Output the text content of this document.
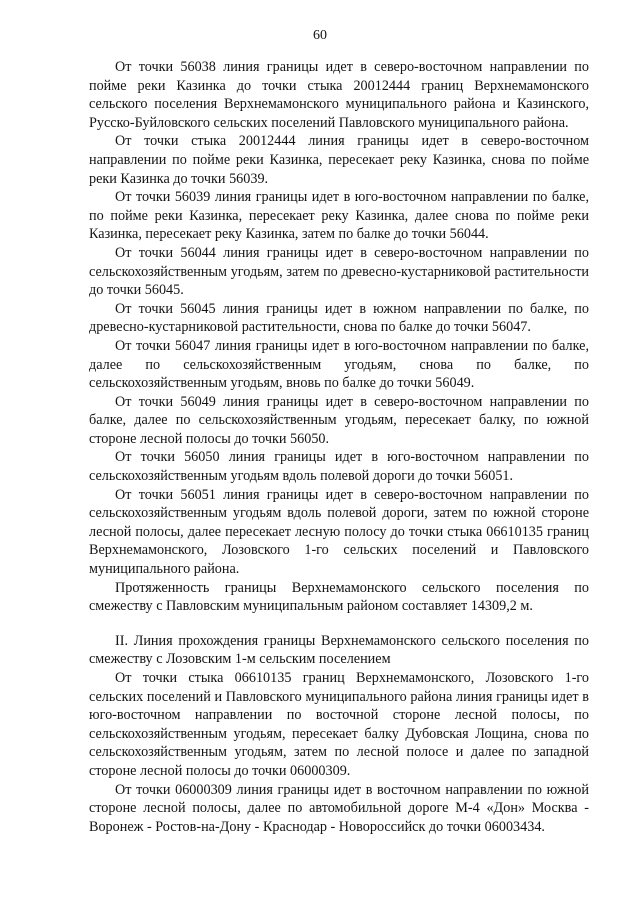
60

От точки 56038 линия границы идет в северо-восточном направлении по пойме реки Казинка до точки стыка 20012444 границ Верхнемамонского сельского поселения Верхнемамонского муниципального района и Казинского, Русско-Буйловского сельских поселений Павловского муниципального района.

От точки стыка 20012444 линия границы идет в северо-восточном направлении по пойме реки Казинка, пересекает реку Казинка, снова по пойме реки Казинка до точки 56039.

От точки 56039 линия границы идет в юго-восточном направлении по балке, по пойме реки Казинка, пересекает реку Казинка, далее снова по пойме реки Казинка, пересекает реку Казинка, затем по балке до точки 56044.

От точки 56044 линия границы идет в северо-восточном направлении по сельскохозяйственным угодьям, затем по древесно-кустарниковой растительности до точки 56045.

От точки 56045 линия границы идет в южном направлении по балке, по древесно-кустарниковой растительности, снова по балке до точки 56047.

От точки 56047 линия границы идет в юго-восточном направлении по балке, далее по сельскохозяйственным угодьям, снова по балке, по сельскохозяйственным угодьям, вновь по балке до точки 56049.

От точки 56049 линия границы идет в северо-восточном направлении по балке, далее по сельскохозяйственным угодьям, пересекает балку, по южной стороне лесной полосы до точки 56050.

От точки 56050 линия границы идет в юго-восточном направлении по сельскохозяйственным угодьям вдоль полевой дороги до точки 56051.

От точки 56051 линия границы идет в северо-восточном направлении по сельскохозяйственным угодьям вдоль полевой дороги, затем по южной стороне лесной полосы, далее пересекает лесную полосу до точки стыка 06610135 границ Верхнемамонского, Лозовского 1-го сельских поселений и Павловского муниципального района.

Протяженность границы Верхнемамонского сельского поселения по смежеству с Павловским муниципальным районом составляет 14309,2 м.

II. Линия прохождения границы Верхнемамонского сельского поселения по смежеству с Лозовским 1-м сельским поселением

От точки стыка 06610135 границ Верхнемамонского, Лозовского 1-го сельских поселений и Павловского муниципального района линия границы идет в юго-восточном направлении по восточной стороне лесной полосы, по сельскохозяйственным угодьям, пересекает балку Дубовская Лощина, снова по сельскохозяйственным угодьям, затем по лесной полосе и далее по западной стороне лесной полосы до точки 06000309.

От точки 06000309 линия границы идет в восточном направлении по южной стороне лесной полосы, далее по автомобильной дороге М-4 «Дон» Москва - Воронеж - Ростов-на-Дону - Краснодар - Новороссийск до точки 06003434.
